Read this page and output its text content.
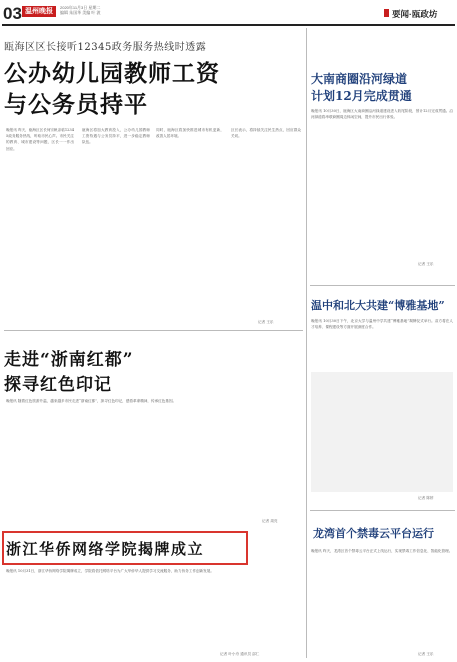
03 温州晚报
2020年11月3日 星期二
编辑 朱国华 美编 叶 波	要闻·瓯政坊
瓯海区区长接听12345政务服务热线时透露
公办幼儿园教师工资
与公务员持平
晚报讯 昨天，瓯海区区长何宗帆亲临12345政务服务热线，听取市民心声。市民关注的教育、城市建设等问题，区长一一作出回应。
瓯海区将加大教育投入，公办幼儿园教师工资待遇与公务员持平，进一步稳定教师队伍。
同时，瓯海区将加快推进城市有机更新，改善人居环境。
区长表示，将持续关注民生热点，回应群众关切。
记者 王乐
走进“浙南红都”
探寻红色印记
晚报讯 随着红色旅游升温，越来越多市民走进“浙南红都”，探寻红色印记，感悟革命精神，传承红色基因。
记者 周亮
浙江华侨网络学院揭牌成立
晚报讯 10月31日，浙江华侨网络学院揭牌成立，学院将依托网络平台为广大华侨华人提供学习交流服务，助力侨务工作创新发展。
记者 叶小舟 通讯员 邵仁
大南商圈沿河绿道
计划12月完成贯通
晚报讯 10月30日，瓯海区大南商圈沿河绿道建设进入收尾阶段，预计12月完成贯通。沿河绿道将串联商圈周边休闲空间，提升市民出行体验。
记者 王乐
温中和北大共建“博雅基地”
晚报讯 10月30日下午，北京大学与温州中学共建“博雅基地”揭牌仪式举行。双方将在人才培养、课程建设等方面开展深度合作。
记者 陈婷
龙湾首个禁毒云平台运行
晚报讯 昨天，龙湾区首个禁毒云平台正式上线运行，实现禁毒工作信息化、智能化管理。
记者 王乐
